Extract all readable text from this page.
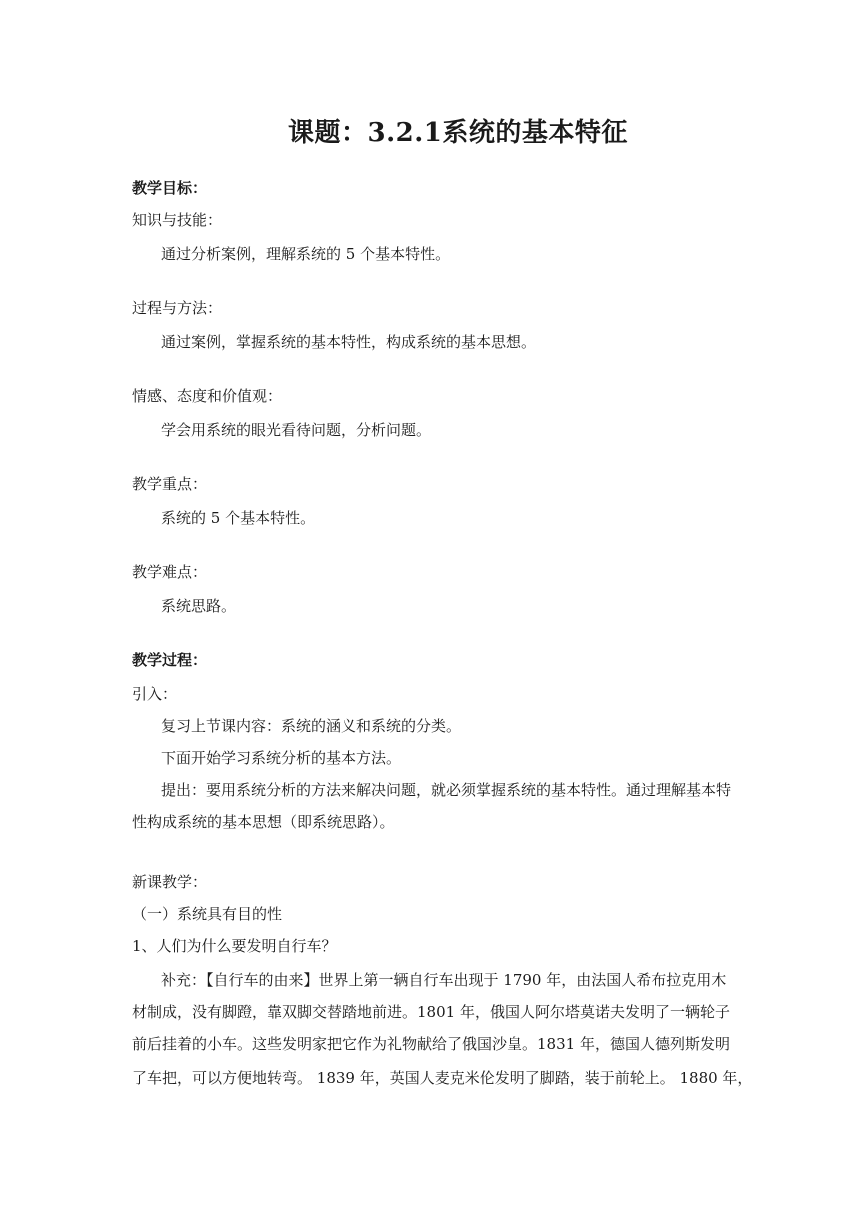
课题：3.2.1系统的基本特征
教学目标：
知识与技能：
通过分析案例，理解系统的 5 个基本特性。
过程与方法：
通过案例，掌握系统的基本特性，构成系统的基本思想。
情感、态度和价值观：
学会用系统的眼光看待问题，分析问题。
教学重点：
系统的 5 个基本特性。
教学难点：
系统思路。
教学过程：
引入：
复习上节课内容：系统的涵义和系统的分类。
下面开始学习系统分析的基本方法。
提出：要用系统分析的方法来解决问题，就必须掌握系统的基本特性。通过理解基本特
性构成系统的基本思想（即系统思路）。
新课教学：
（一）系统具有目的性
1、人们为什么要发明自行车？
补充：【自行车的由来】世界上第一辆自行车出现于 1790 年，由法国人希布拉克用木
材制成，没有脚蹬，靠双脚交替踏地前进。1801 年，俄国人阿尔塔莫诺夫发明了一辆轮子
前后挂着的小车。这些发明家把它作为礼物献给了俄国沙皇。1831 年，德国人德列斯发明
了车把，可以方便地转弯。 1839 年，英国人麦克米伦发明了脚踏，装于前轮上。 1880 年，
